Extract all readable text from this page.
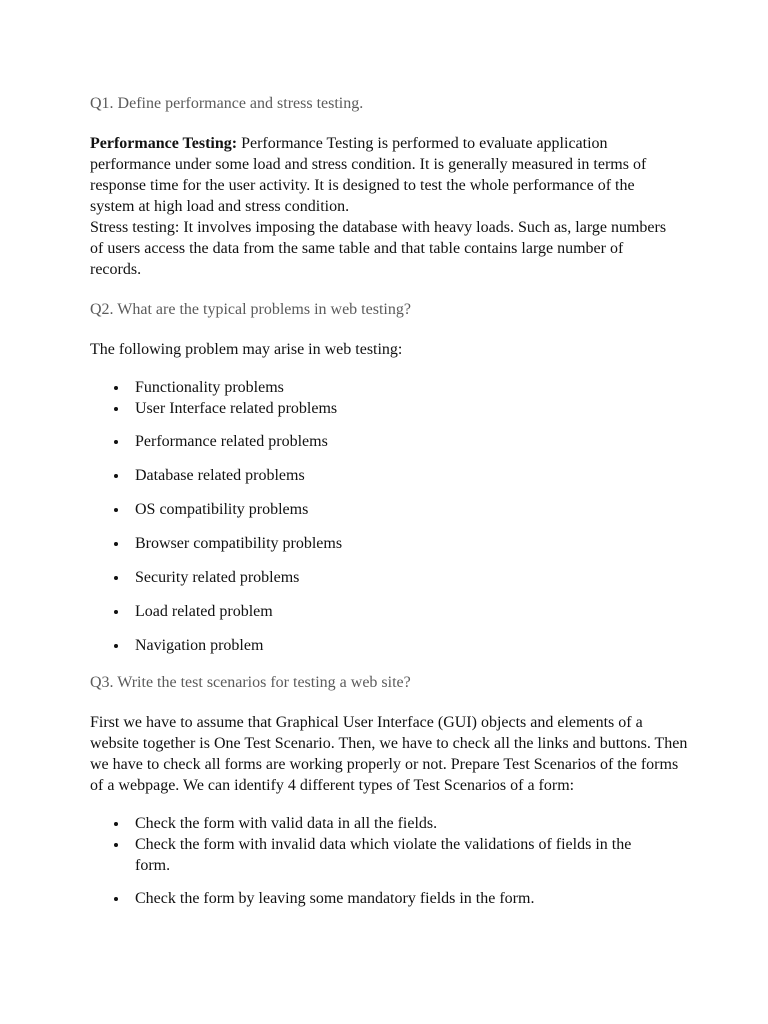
Q1. Define performance and stress testing.

Performance Testing: Performance Testing is performed to evaluate application performance under some load and stress condition. It is generally measured in terms of response time for the user activity. It is designed to test the whole performance of the system at high load and stress condition.

Stress testing: It involves imposing the database with heavy loads. Such as, large numbers of users access the data from the same table and that table contains large number of records.

Q2. What are the typical problems in web testing?

The following problem may arise in web testing:

Functionality problems
User Interface related problems
Performance related problems
Database related problems
OS compatibility problems
Browser compatibility problems
Security related problems
Load related problem
Navigation problem

Q3. Write the test scenarios for testing a web site?

First we have to assume that Graphical User Interface (GUI) objects and elements of a website together is One Test Scenario. Then, we have to check all the links and buttons. Then we have to check all forms are working properly or not. Prepare Test Scenarios of the forms of a webpage. We can identify 4 different types of Test Scenarios of a form:

Check the form with valid data in all the fields.
Check the form with invalid data which violate the validations of fields in the form.
Check the form by leaving some mandatory fields in the form.
